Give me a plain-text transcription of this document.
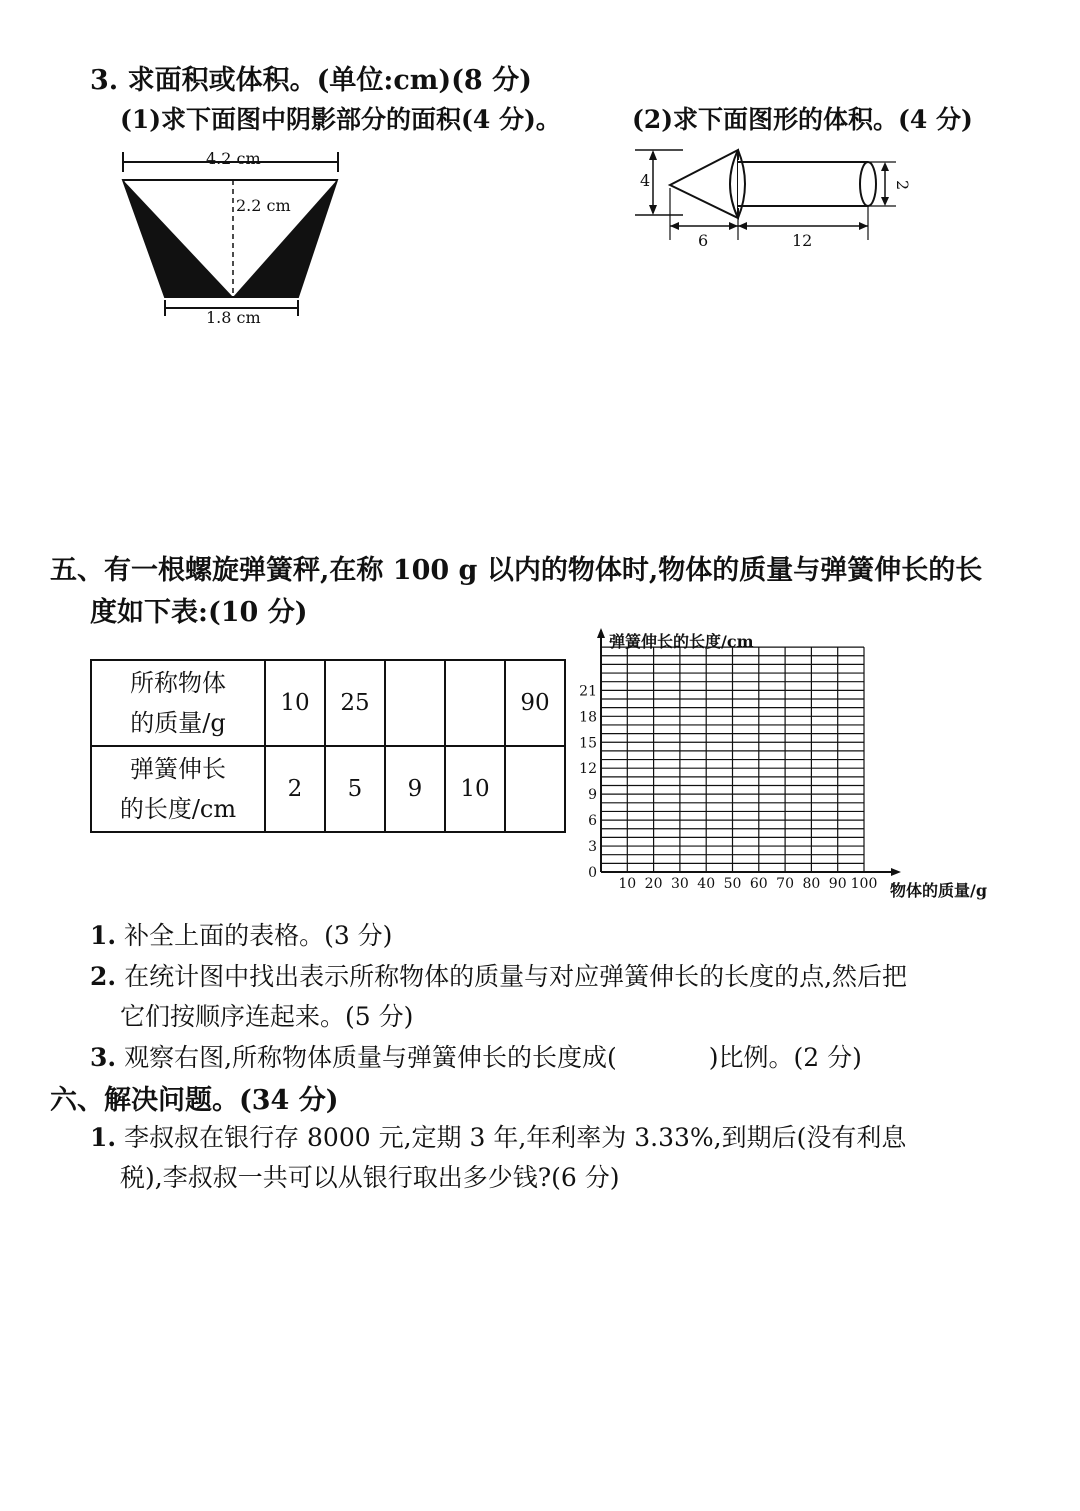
3. 求面积或体积。(单位:cm)(8 分)
(1)求下面图中阴影部分的面积(4 分)。	(2)求下面图形的体积。(4 分)
4.2 cm
2.2 cm
1.8 cm
4	2
6	12
五、有一根螺旋弹簧秤,在称 100 g 以内的物体时,物体的质量与弹簧伸长的长
度如下表:(10 分)
所称物体
的质量/g	10	25			90

弹簧伸长
的长度/cm	2	5	9	10	
弹簧伸长的长度/cm
物体的质量/g
0
3
6
9
12
15
18
21
10 20 30 40 50 60 70 80 90 100
1. 补全上面的表格。(3 分)
2. 在统计图中找出表示所称物体的质量与对应弹簧伸长的长度的点,然后把
它们按顺序连起来。(5 分)
3. 观察右图,所称物体质量与弹簧伸长的长度成(	)比例。(2 分)
六、解决问题。(34 分)
1. 李叔叔在银行存 8000 元,定期 3 年,年利率为 3.33%,到期后(没有利息
税),李叔叔一共可以从银行取出多少钱?(6 分)
